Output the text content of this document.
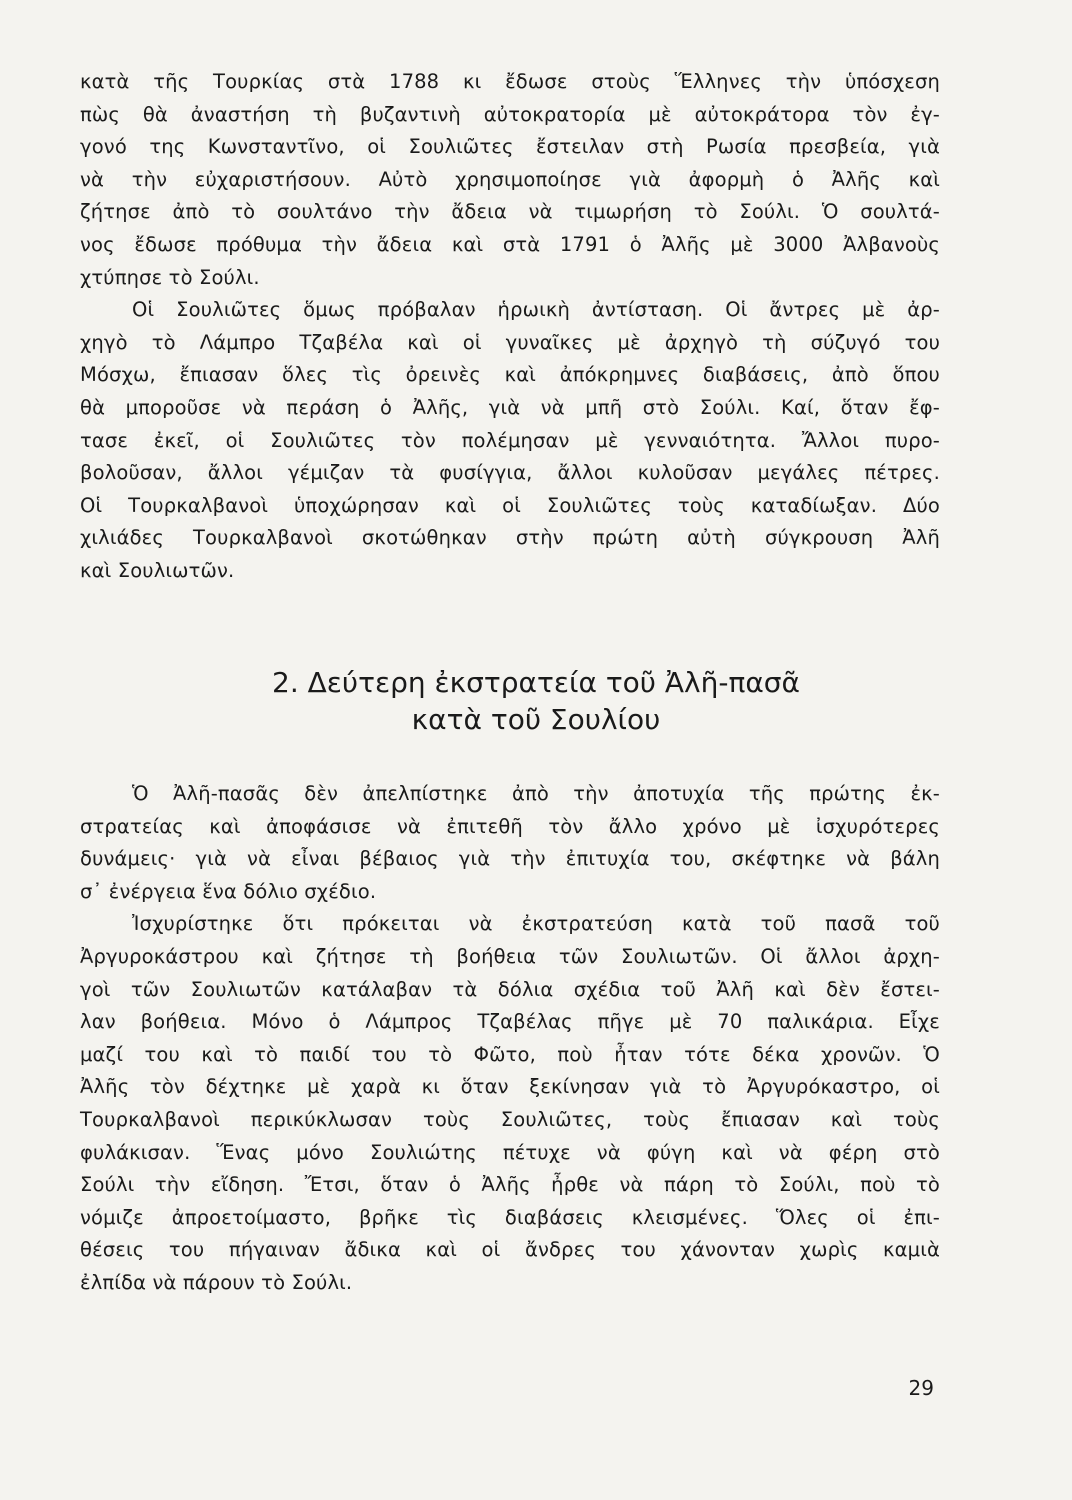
κατὰ τῆς Τουρκίας στὰ 1788 κι ἔδωσε στοὺς Ἕλληνες τὴν ὑπόσχεση
πὼς θὰ ἀναστήση τὴ βυζαντινὴ αὐτοκρατορία μὲ αὐτοκράτορα τὸν ἐγ-
γονό της Κωνσταντῖνο, οἱ Σουλιῶτες ἔστειλαν στὴ Ρωσία πρεσβεία, γιὰ
νὰ τὴν εὐχαριστήσουν. Αὐτὸ χρησιμοποίησε γιὰ ἀφορμὴ ὁ Ἀλῆς καὶ
ζήτησε ἀπὸ τὸ σουλτάνο τὴν ἄδεια νὰ τιμωρήση τὸ Σούλι. Ὁ σουλτά-
νος ἔδωσε πρόθυμα τὴν ἄδεια καὶ στὰ 1791 ὁ Ἀλῆς μὲ 3000 Ἀλβανοὺς
χτύπησε τὸ Σούλι.
Οἱ Σουλιῶτες ὅμως πρόβαλαν ἡρωικὴ ἀντίσταση. Οἱ ἄντρες μὲ ἀρ-
χηγὸ τὸ Λάμπρο Τζαβέλα καὶ οἱ γυναῖκες μὲ ἀρχηγὸ τὴ σύζυγό του
Μόσχω, ἔπιασαν ὅλες τὶς ὀρεινὲς καὶ ἀπόκρημνες διαβάσεις, ἀπὸ ὅπου
θὰ μποροῦσε νὰ περάση ὁ Ἀλῆς, γιὰ νὰ μπῆ στὸ Σούλι. Καί, ὅταν ἔφ-
τασε ἐκεῖ, οἱ Σουλιῶτες τὸν πολέμησαν μὲ γενναιότητα. Ἄλλοι πυρο-
βολοῦσαν, ἄλλοι γέμιζαν τὰ φυσίγγια, ἄλλοι κυλοῦσαν μεγάλες πέτρες.
Οἱ Τουρκαλβανοὶ ὑποχώρησαν καὶ οἱ Σουλιῶτες τοὺς καταδίωξαν. Δύο
χιλιάδες Τουρκαλβανοὶ σκοτώθηκαν στὴν πρώτη αὐτὴ σύγκρουση Ἀλῆ
καὶ Σουλιωτῶν.
2. Δεύτερη ἐκστρατεία τοῦ Ἀλῆ-πασᾶ
κατὰ τοῦ Σουλίου
Ὁ Ἀλῆ-πασᾶς δὲν ἀπελπίστηκε ἀπὸ τὴν ἀποτυχία τῆς πρώτης ἐκ-
στρατείας καὶ ἀποφάσισε νὰ ἐπιτεθῆ τὸν ἄλλο χρόνο μὲ ἰσχυρότερες
δυνάμεις· γιὰ νὰ εἶναι βέβαιος γιὰ τὴν ἐπιτυχία του, σκέφτηκε νὰ βάλη
σ᾽ ἐνέργεια ἕνα δόλιο σχέδιο.
Ἰσχυρίστηκε ὅτι πρόκειται νὰ ἐκστρατεύση κατὰ τοῦ πασᾶ τοῦ
Ἀργυροκάστρου καὶ ζήτησε τὴ βοήθεια τῶν Σουλιωτῶν. Οἱ ἄλλοι ἀρχη-
γοὶ τῶν Σουλιωτῶν κατάλαβαν τὰ δόλια σχέδια τοῦ Ἀλῆ καὶ δὲν ἔστει-
λαν βοήθεια. Μόνο ὁ Λάμπρος Τζαβέλας πῆγε μὲ 70 παλικάρια. Εἶχε
μαζί του καὶ τὸ παιδί του τὸ Φῶτο, ποὺ ἦταν τότε δέκα χρονῶν. Ὁ
Ἀλῆς τὸν δέχτηκε μὲ χαρὰ κι ὅταν ξεκίνησαν γιὰ τὸ Ἀργυρόκαστρο, οἱ
Τουρκαλβανοὶ περικύκλωσαν τοὺς Σουλιῶτες, τοὺς ἔπιασαν καὶ τοὺς
φυλάκισαν. Ἕνας μόνο Σουλιώτης πέτυχε νὰ φύγη καὶ νὰ φέρη στὸ
Σούλι τὴν εἴδηση. Ἔτσι, ὅταν ὁ Ἀλῆς ἦρθε νὰ πάρη τὸ Σούλι, ποὺ τὸ
νόμιζε ἀπροετοίμαστο, βρῆκε τὶς διαβάσεις κλεισμένες. Ὅλες οἱ ἐπι-
θέσεις του πήγαιναν ἄδικα καὶ οἱ ἄνδρες του χάνονταν χωρὶς καμιὰ
ἐλπίδα νὰ πάρουν τὸ Σούλι.
29
